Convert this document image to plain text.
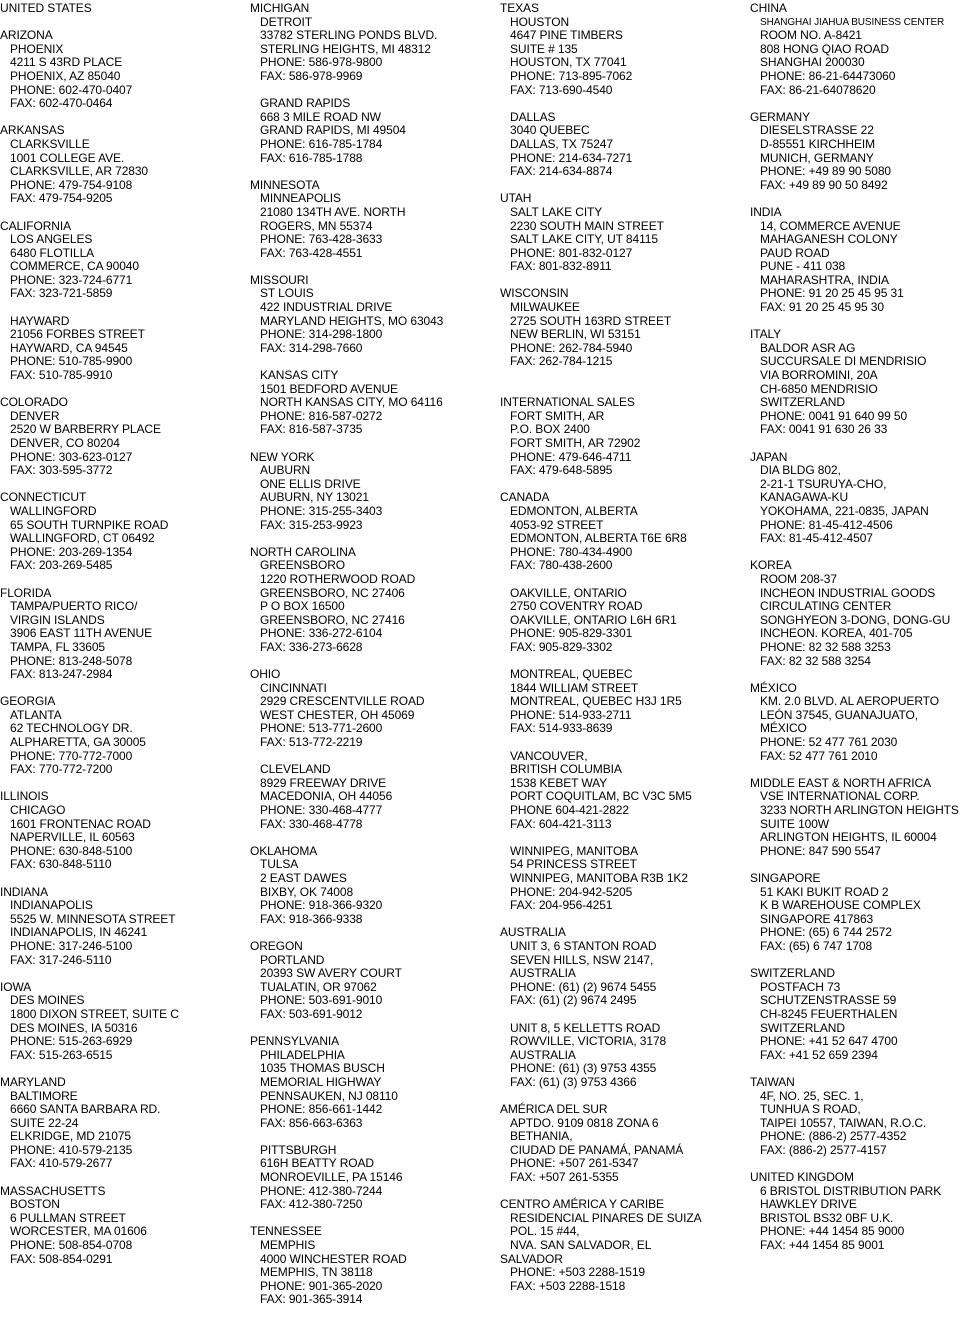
UNITED STATES
ARIZONA
PHOENIX
4211 S 43RD PLACE
PHOENIX, AZ 85040
PHONE: 602-470-0407
FAX: 602-470-0464
ARKANSAS
CLARKSVILLE
1001 COLLEGE AVE.
CLARKSVILLE, AR 72830
PHONE: 479-754-9108
FAX: 479-754-9205
CALIFORNIA
LOS ANGELES
6480 FLOTILLA
COMMERCE, CA 90040
PHONE: 323-724-6771
FAX: 323-721-5859
HAYWARD
21056 FORBES STREET
HAYWARD, CA 94545
PHONE: 510-785-9900
FAX: 510-785-9910
COLORADO
DENVER
2520 W BARBERRY PLACE
DENVER, CO 80204
PHONE: 303-623-0127
FAX: 303-595-3772
CONNECTICUT
WALLINGFORD
65 SOUTH TURNPIKE ROAD
WALLINGFORD, CT 06492
PHONE: 203-269-1354
FAX: 203-269-5485
FLORIDA
TAMPA/PUERTO RICO/
VIRGIN ISLANDS
3906 EAST 11TH AVENUE
TAMPA, FL 33605
PHONE: 813-248-5078
FAX: 813-247-2984
GEORGIA
ATLANTA
62 TECHNOLOGY DR.
ALPHARETTA, GA 30005
PHONE: 770-772-7000
FAX: 770-772-7200
ILLINOIS
CHICAGO
1601 FRONTENAC ROAD
NAPERVILLE, IL 60563
PHONE: 630-848-5100
FAX: 630-848-5110
INDIANA
INDIANAPOLIS
5525 W. MINNESOTA STREET
INDIANAPOLIS, IN 46241
PHONE: 317-246-5100
FAX: 317-246-5110
IOWA
DES MOINES
1800 DIXON STREET, SUITE C
DES MOINES, IA 50316
PHONE: 515-263-6929
FAX: 515-263-6515
MARYLAND
BALTIMORE
6660 SANTA BARBARA RD.
SUITE 22-24
ELKRIDGE, MD 21075
PHONE: 410-579-2135
FAX: 410-579-2677
MASSACHUSETTS
BOSTON
6 PULLMAN STREET
WORCESTER, MA 01606
PHONE: 508-854-0708
FAX: 508-854-0291
MICHIGAN
DETROIT
33782 STERLING PONDS BLVD.
STERLING HEIGHTS, MI 48312
PHONE: 586-978-9800
FAX: 586-978-9969
GRAND RAPIDS
668 3 MILE ROAD NW
GRAND RAPIDS, MI 49504
PHONE: 616-785-1784
FAX: 616-785-1788
MINNESOTA
MINNEAPOLIS
21080 134TH AVE. NORTH
ROGERS, MN 55374
PHONE: 763-428-3633
FAX: 763-428-4551
MISSOURI
ST LOUIS
422 INDUSTRIAL DRIVE
MARYLAND HEIGHTS, MO 63043
PHONE: 314-298-1800
FAX: 314-298-7660
KANSAS CITY
1501 BEDFORD AVENUE
NORTH KANSAS CITY, MO 64116
PHONE: 816-587-0272
FAX: 816-587-3735
NEW YORK
AUBURN
ONE ELLIS DRIVE
AUBURN, NY 13021
PHONE: 315-255-3403
FAX: 315-253-9923
NORTH CAROLINA
GREENSBORO
1220 ROTHERWOOD ROAD
GREENSBORO, NC 27406
P O BOX 16500
GREENSBORO, NC 27416
PHONE: 336-272-6104
FAX: 336-273-6628
OHIO
CINCINNATI
2929 CRESCENTVILLE ROAD
WEST CHESTER, OH 45069
PHONE: 513-771-2600
FAX: 513-772-2219
CLEVELAND
8929 FREEWAY DRIVE
MACEDONIA, OH 44056
PHONE: 330-468-4777
FAX: 330-468-4778
OKLAHOMA
TULSA
2 EAST DAWES
BIXBY, OK 74008
PHONE: 918-366-9320
FAX: 918-366-9338
OREGON
PORTLAND
20393 SW AVERY COURT
TUALATIN, OR 97062
PHONE: 503-691-9010
FAX: 503-691-9012
PENNSYLVANIA
PHILADELPHIA
1035 THOMAS BUSCH
MEMORIAL HIGHWAY
PENNSAUKEN, NJ 08110
PHONE: 856-661-1442
FAX: 856-663-6363
PITTSBURGH
616H BEATTY ROAD
MONROEVILLE, PA 15146
PHONE: 412-380-7244
FAX: 412-380-7250
TENNESSEE
MEMPHIS
4000 WINCHESTER ROAD
MEMPHIS, TN 38118
PHONE: 901-365-2020
FAX: 901-365-3914
TEXAS
HOUSTON
4647 PINE TIMBERS
SUITE # 135
HOUSTON, TX 77041
PHONE: 713-895-7062
FAX: 713-690-4540
DALLAS
3040 QUEBEC
DALLAS, TX 75247
PHONE: 214-634-7271
FAX: 214-634-8874
UTAH
SALT LAKE CITY
2230 SOUTH MAIN STREET
SALT LAKE CITY, UT 84115
PHONE: 801-832-0127
FAX: 801-832-8911
WISCONSIN
MILWAUKEE
2725 SOUTH 163RD STREET
NEW BERLIN, WI 53151
PHONE: 262-784-5940
FAX: 262-784-1215
INTERNATIONAL SALES
FORT SMITH, AR
P.O. BOX 2400
FORT SMITH, AR 72902
PHONE: 479-646-4711
FAX: 479-648-5895
CANADA
EDMONTON, ALBERTA
4053-92 STREET
EDMONTON, ALBERTA T6E 6R8
PHONE: 780-434-4900
FAX: 780-438-2600
OAKVILLE, ONTARIO
2750 COVENTRY ROAD
OAKVILLE, ONTARIO L6H 6R1
PHONE: 905-829-3301
FAX: 905-829-3302
MONTREAL, QUEBEC
1844 WILLIAM STREET
MONTREAL, QUEBEC H3J 1R5
PHONE: 514-933-2711
FAX: 514-933-8639
VANCOUVER,
BRITISH COLUMBIA
1538 KEBET WAY
PORT COQUITLAM, BC V3C 5M5
PHONE 604-421-2822
FAX: 604-421-3113
WINNIPEG, MANITOBA
54 PRINCESS STREET
WINNIPEG, MANITOBA R3B 1K2
PHONE: 204-942-5205
FAX: 204-956-4251
AUSTRALIA
UNIT 3, 6 STANTON ROAD
SEVEN HILLS, NSW 2147,
AUSTRALIA
PHONE: (61) (2) 9674 5455
FAX: (61) (2) 9674 2495
UNIT 8, 5 KELLETTS ROAD
ROWVILLE, VICTORIA, 3178
AUSTRALIA
PHONE: (61) (3) 9753 4355
FAX: (61) (3) 9753 4366
AMÉRICA DEL SUR
APTDO. 9109 0818 ZONA 6
BETHANIA,
CIUDAD DE PANAMÁ, PANAMÁ
PHONE: +507 261-5347
FAX: +507 261-5355
CENTRO AMÉRICA Y CARIBE
RESIDENCIAL PINARES DE SUIZA
POL. 15 #44,
NVA. SAN SALVADOR, EL
SALVADOR
PHONE: +503 2288-1519
FAX: +503 2288-1518
CHINA
SHANGHAI JIAHUA BUSINESS CENTER
ROOM NO. A-8421
808 HONG QIAO ROAD
SHANGHAI 200030
PHONE: 86-21-64473060
FAX: 86-21-64078620
GERMANY
DIESELSTRASSE 22
D-85551 KIRCHHEIM
MUNICH, GERMANY
PHONE: +49 89 90 5080
FAX: +49 89 90 50 8492
INDIA
14, COMMERCE AVENUE
MAHAGANESH COLONY
PAUD ROAD
PUNE - 411 038
MAHARASHTRA, INDIA
PHONE: 91 20 25 45 95 31
FAX: 91 20 25 45 95 30
ITALY
BALDOR ASR AG
SUCCURSALE DI MENDRISIO
VIA BORROMINI, 20A
CH-6850 MENDRISIO
SWITZERLAND
PHONE: 0041 91 640 99 50
FAX: 0041 91 630 26 33
JAPAN
DIA BLDG 802,
2-21-1 TSURUYA-CHO,
KANAGAWA-KU
YOKOHAMA, 221-0835, JAPAN
PHONE: 81-45-412-4506
FAX: 81-45-412-4507
KOREA
ROOM 208-37
INCHEON INDUSTRIAL GOODS
CIRCULATING CENTER
SONGHYEON 3-DONG, DONG-GU
INCHEON. KOREA, 401-705
PHONE: 82 32 588 3253
FAX: 82 32 588 3254
MÉXICO
KM. 2.0 BLVD. AL AEROPUERTO
LEÓN 37545, GUANAJUATO,
MÉXICO
PHONE: 52 477 761 2030
FAX: 52 477 761 2010
MIDDLE EAST & NORTH AFRICA
VSE INTERNATIONAL CORP.
3233 NORTH ARLINGTON HEIGHTS
SUITE 100W
ARLINGTON HEIGHTS, IL 60004
PHONE: 847 590 5547
SINGAPORE
51 KAKI BUKIT ROAD 2
K B WAREHOUSE COMPLEX
SINGAPORE 417863
PHONE: (65) 6 744 2572
FAX: (65) 6 747 1708
SWITZERLAND
POSTFACH 73
SCHUTZENSTRASSE 59
CH-8245 FEUERTHALEN
SWITZERLAND
PHONE: +41 52 647 4700
FAX: +41 52 659 2394
TAIWAN
4F, NO. 25, SEC. 1,
TUNHUA S ROAD,
TAIPEI 10557, TAIWAN, R.O.C.
PHONE: (886-2) 2577-4352
FAX: (886-2) 2577-4157
UNITED KINGDOM
6 BRISTOL DISTRIBUTION PARK
HAWKLEY DRIVE
BRISTOL BS32 0BF U.K.
PHONE: +44 1454 85 9000
FAX: +44 1454 85 9001
